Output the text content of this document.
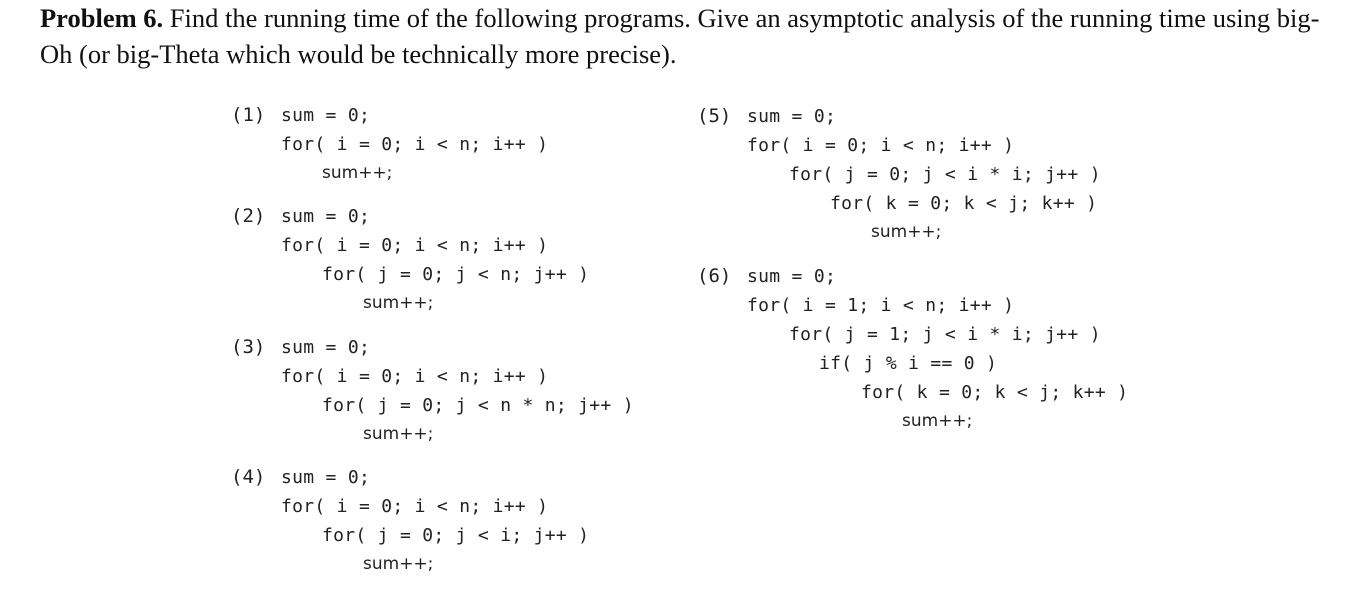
Problem 6. Find the running time of the following programs. Give an asymptotic analysis of the running time using big-Oh (or big-Theta which would be technically more precise).

(1) sum = 0;
for( i = 0; i < n; i++ )
sum++;
(2) sum = 0;
for( i = 0; i < n; i++ )
for( j = 0; j < n; j++ )
sum++;
(3) sum = 0;
for( i = 0; i < n; i++ )
for( j = 0; j < n * n; j++ )
sum++;
(4) sum = 0;
for( i = 0; i < n; i++ )
for( j = 0; j < i; j++ )
sum++;
(5) sum = 0;
for( i = 0; i < n; i++ )
for( j = 0; j < i * i; j++ )
for( k = 0; k < j; k++ )
sum++;
(6) sum = 0;
for( i = 1; i < n; i++ )
for( j = 1; j < i * i; j++ )
if( j % i == 0 )
for( k = 0; k < j; k++ )
sum++;
